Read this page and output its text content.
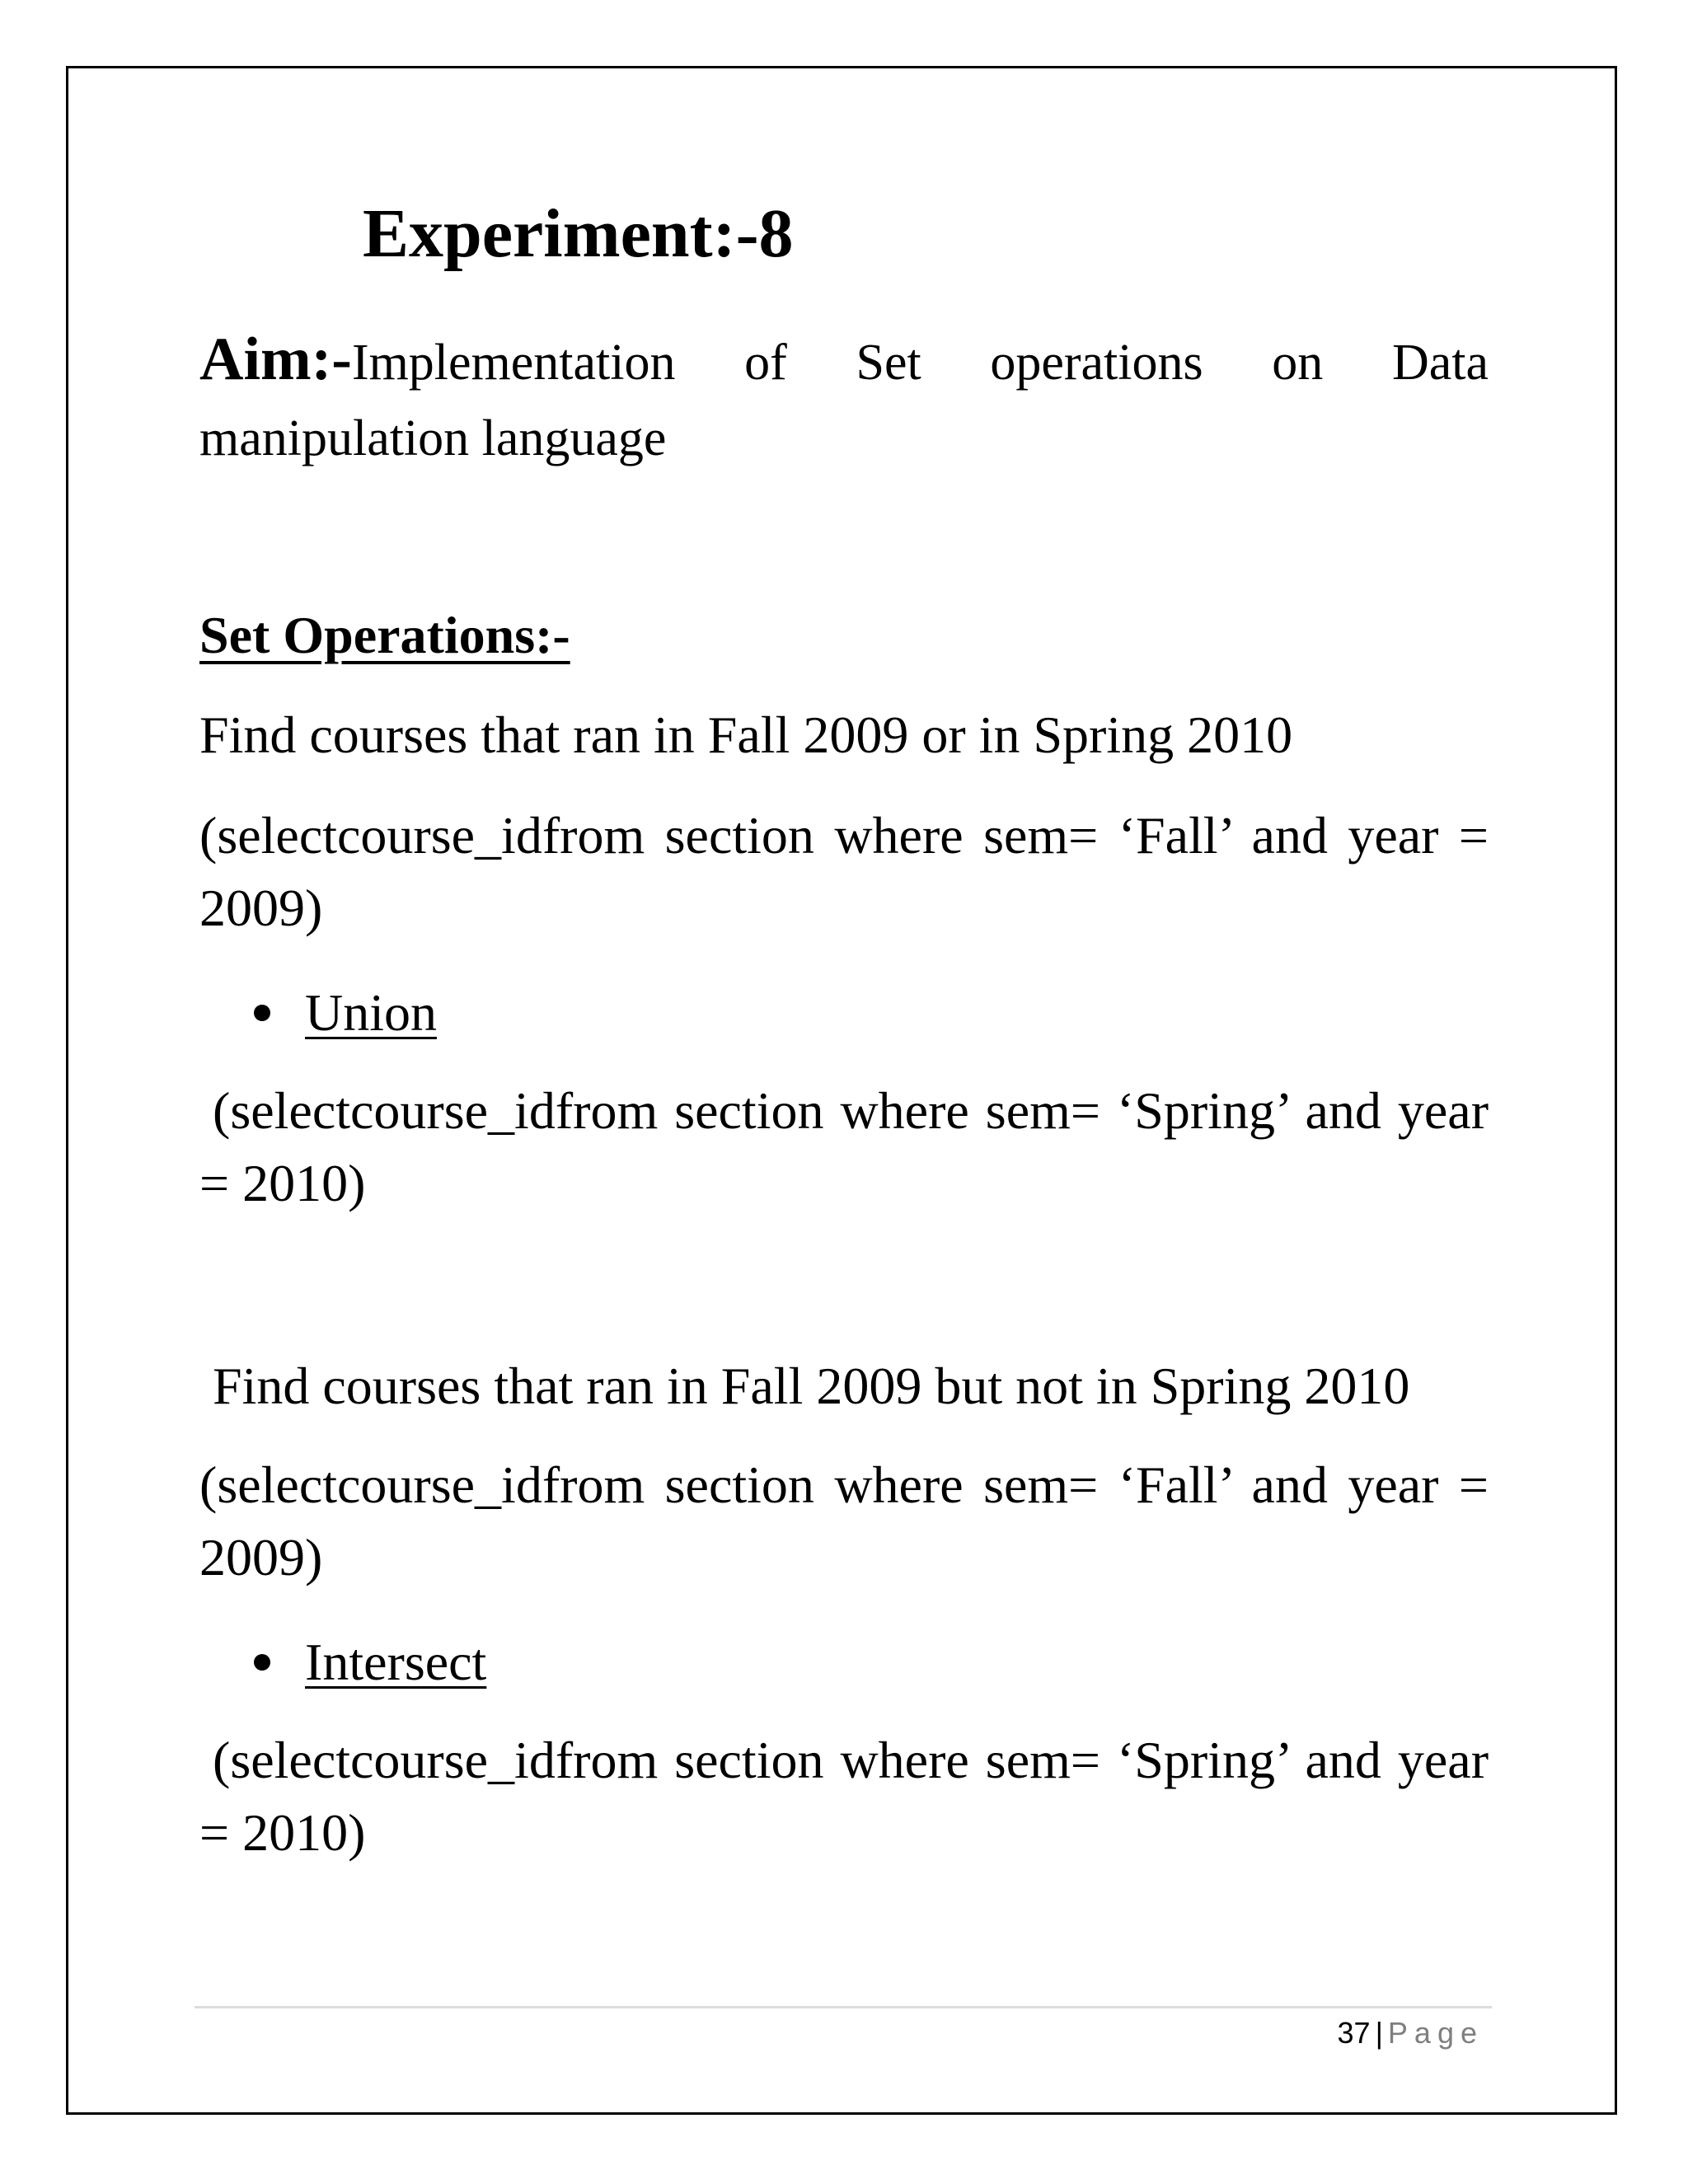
Experiment:-8
Aim:-Implementation of Set operations on Data manipulation language
Set Operations:-
Find courses that ran in Fall 2009 or in Spring 2010
(selectcourse_idfrom section where sem= ‘Fall’ and year = 2009)
Union
(selectcourse_idfrom section where sem= ‘Spring’ and year = 2010)
Find courses that ran in Fall 2009 but not in Spring 2010
(selectcourse_idfrom section where sem= ‘Fall’ and year = 2009)
Intersect
(selectcourse_idfrom section where sem= ‘Spring’ and year = 2010)
37 | Page
